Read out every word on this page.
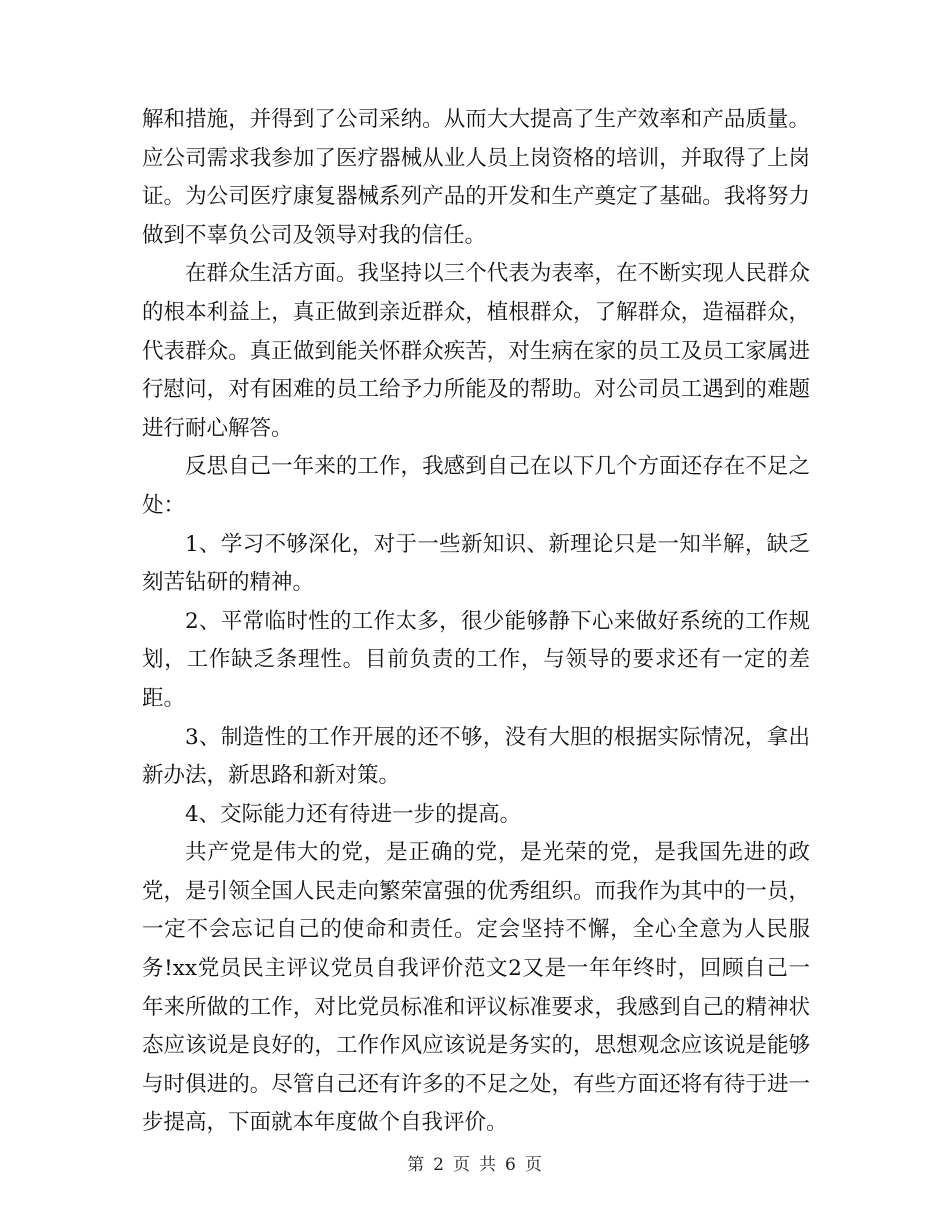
解和措施，并得到了公司采纳。从而大大提高了生产效率和产品质量。应公司需求我参加了医疗器械从业人员上岗资格的培训，并取得了上岗证。为公司医疗康复器械系列产品的开发和生产奠定了基础。我将努力做到不辜负公司及领导对我的信任。

在群众生活方面。我坚持以三个代表为表率，在不断实现人民群众的根本利益上，真正做到亲近群众，植根群众，了解群众，造福群众，代表群众。真正做到能关怀群众疾苦，对生病在家的员工及员工家属进行慰问，对有困难的员工给予力所能及的帮助。对公司员工遇到的难题进行耐心解答。

反思自己一年来的工作，我感到自己在以下几个方面还存在不足之处：

1、学习不够深化，对于一些新知识、新理论只是一知半解，缺乏刻苦钻研的精神。

2、平常临时性的工作太多，很少能够静下心来做好系统的工作规划，工作缺乏条理性。目前负责的工作，与领导的要求还有一定的差距。

3、制造性的工作开展的还不够，没有大胆的根据实际情况，拿出新办法，新思路和新对策。

4、交际能力还有待进一步的提高。

共产党是伟大的党，是正确的党，是光荣的党，是我国先进的政党，是引领全国人民走向繁荣富强的优秀组织。而我作为其中的一员，一定不会忘记自己的使命和责任。定会坚持不懈，全心全意为人民服务!xx党员民主评议党员自我评价范文2又是一年年终时，回顾自己一年来所做的工作，对比党员标准和评议标准要求，我感到自己的精神状态应该说是良好的，工作作风应该说是务实的，思想观念应该说是能够与时俱进的。尽管自己还有许多的不足之处，有些方面还将有待于进一步提高，下面就本年度做个自我评价。

第 2 页 共 6 页
